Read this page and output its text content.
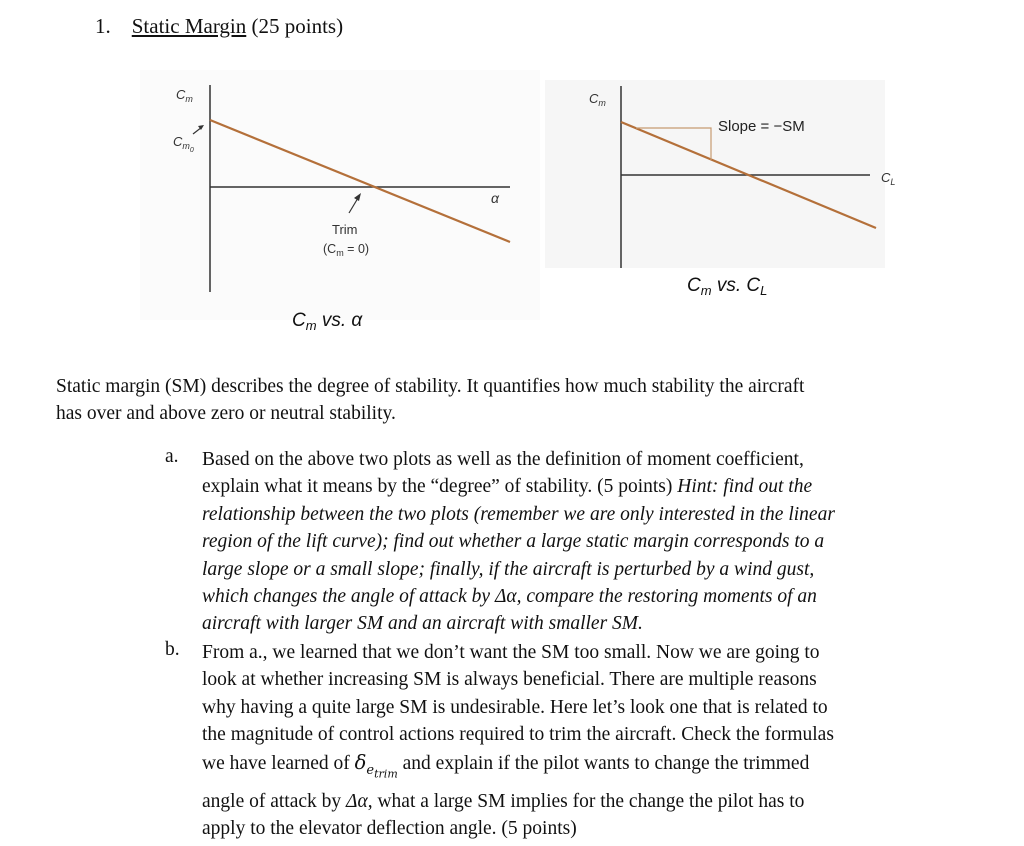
1. Static Margin (25 points)
$C_m$
$C_{m0}$
α
Trim
$(C_m = 0)$
$C_m$ vs. α
$C_m$
Slope = −SM
$C_L$
$C_m$ vs. $C_L$
Static margin (SM) describes the degree of stability. It quantifies how much stability the aircraft
has over and above zero or neutral stability.
a. Based on the above two plots as well as the definition of moment coefficient,
explain what it means by the “degree” of stability. (5 points) Hint: find out the
relationship between the two plots (remember we are only interested in the linear
region of the lift curve); find out whether a large static margin corresponds to a
large slope or a small slope; finally, if the aircraft is perturbed by a wind gust,
which changes the angle of attack by Δα, compare the restoring moments of an
aircraft with larger SM and an aircraft with smaller SM.
b. From a., we learned that we don’t want the SM too small. Now we are going to
look at whether increasing SM is always beneficial. There are multiple reasons
why having a quite large SM is undesirable. Here let’s look one that is related to
the magnitude of control actions required to trim the aircraft. Check the formulas
we have learned of $\delta_{e_{trim}}$ and explain if the pilot wants to change the trimmed
angle of attack by Δα, what a large SM implies for the change the pilot has to
apply to the elevator deflection angle. (5 points)
